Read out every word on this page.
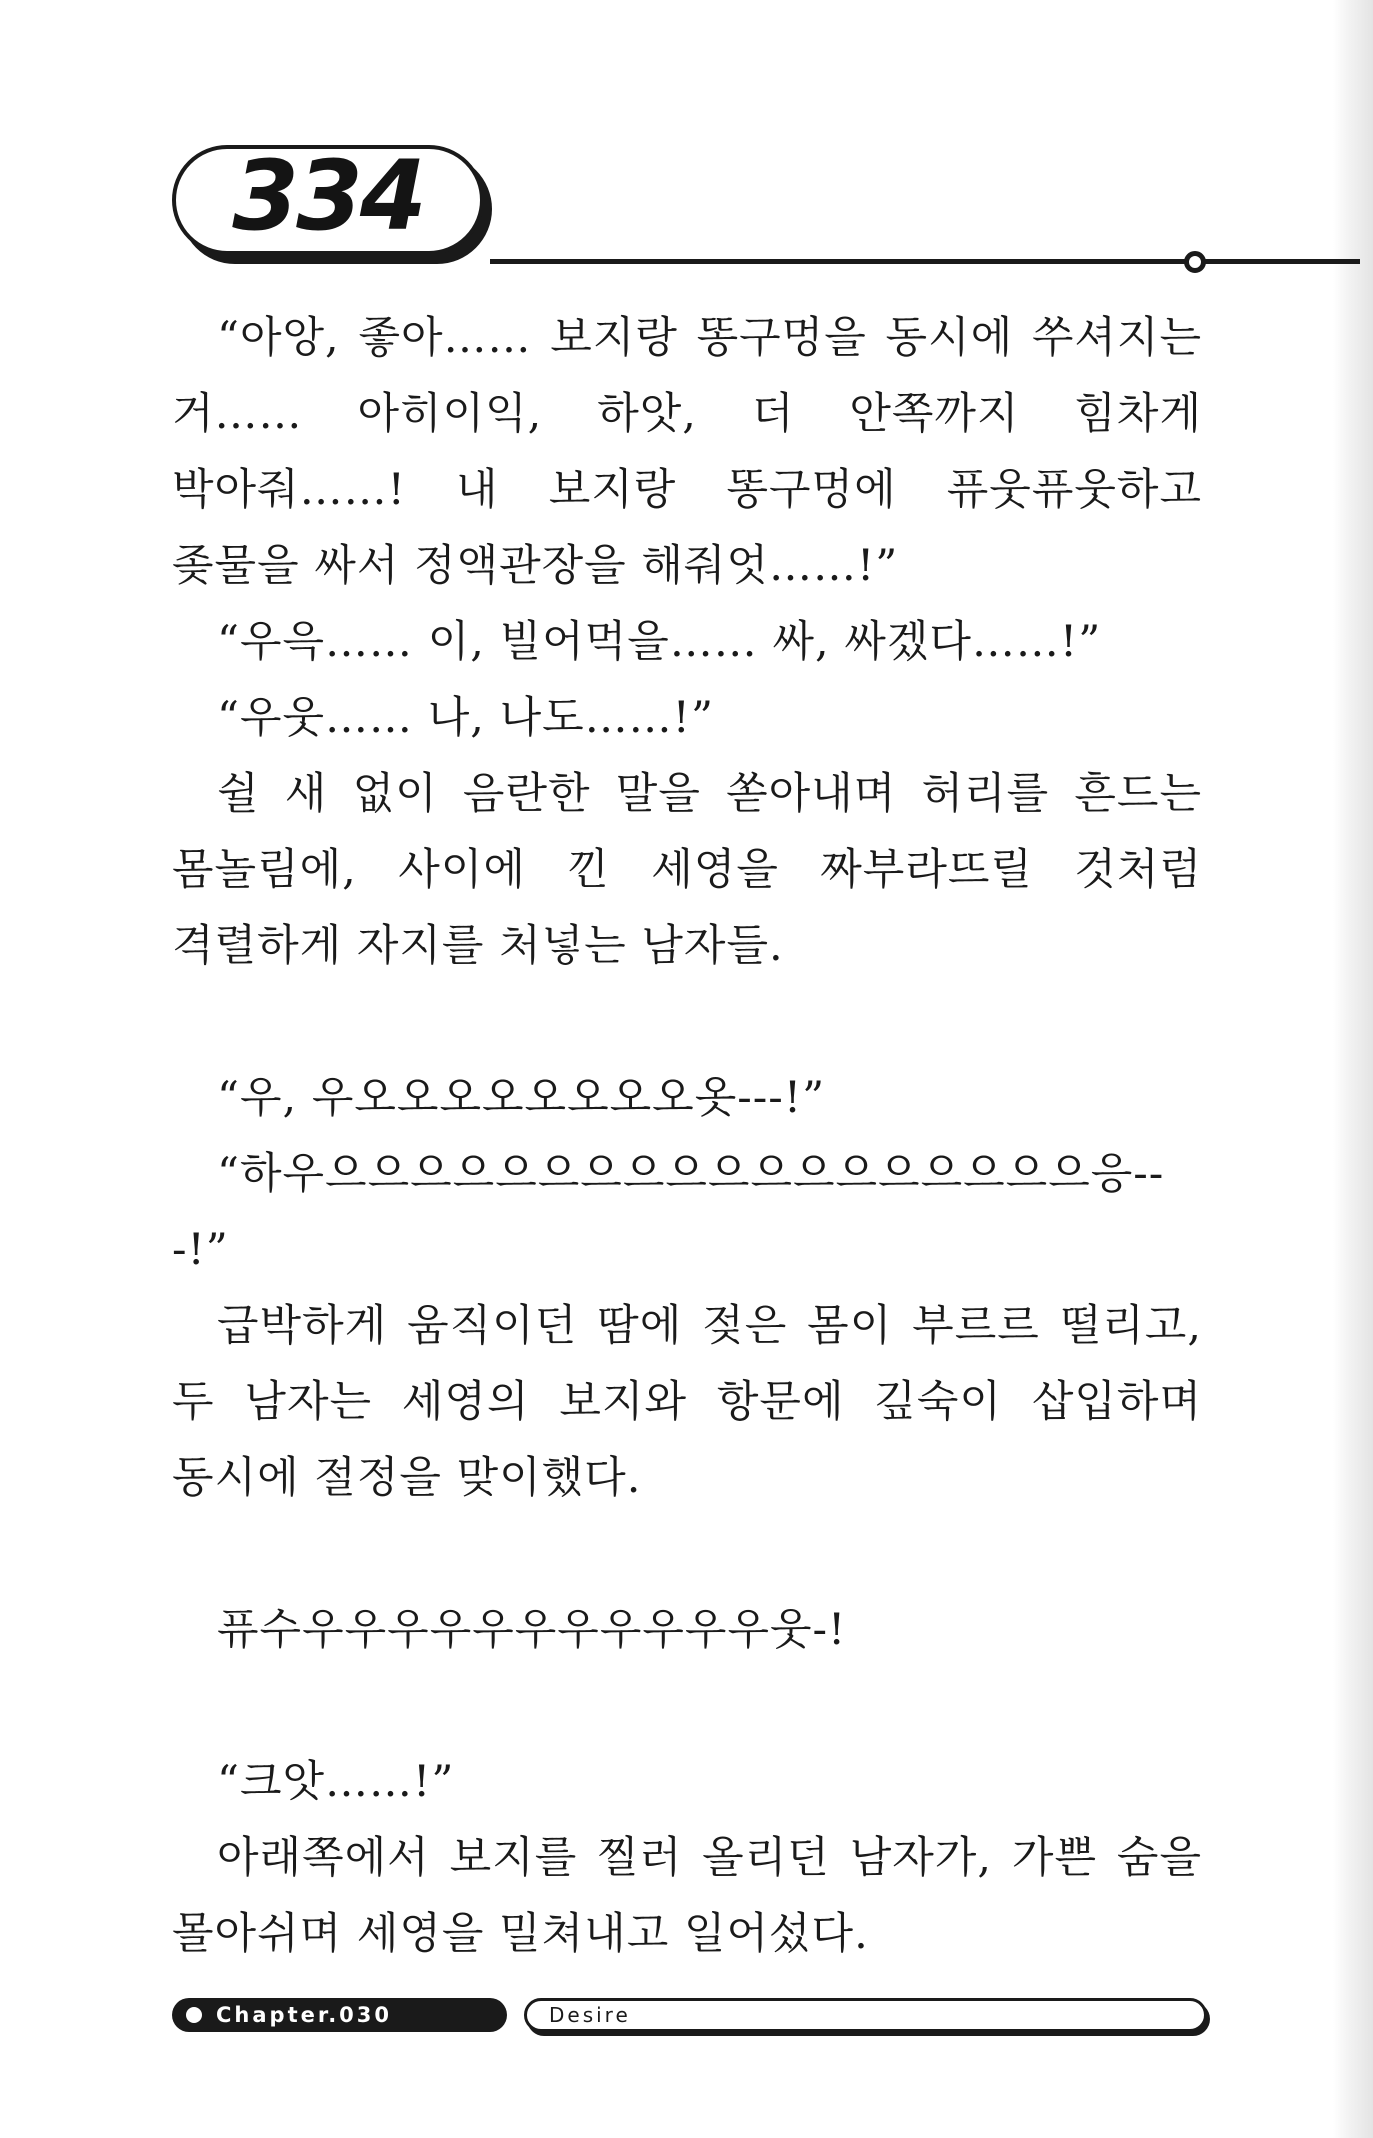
334

“아앙, 좋아…… 보지랑 똥구멍을 동시에 쑤셔지는 거…… 아히이익, 하앗, 더 안쪽까지 힘차게 박아줘……! 내 보지랑 똥구멍에 퓨웃퓨웃하고 좆물을 싸서 정액관장을 해줘엇……!”

“우윽…… 이, 빌어먹을…… 싸, 싸겠다……!”

“우웃…… 나, 나도……!”

쉴 새 없이 음란한 말을 쏟아내며 허리를 흔드는 몸놀림에, 사이에 낀 세영을 짜부라뜨릴 것처럼 격렬하게 자지를 처넣는 남자들.

“우, 우오오오오오오오오옷---!”

“하우으으으으으으으으으으으으으으으으으으응---!”

급박하게 움직이던 땀에 젖은 몸이 부르르 떨리고, 두 남자는 세영의 보지와 항문에 깊숙이 삽입하며 동시에 절정을 맞이했다.

퓨수우우우우우우우우우우우웃-!

“크앗……!”

아래쪽에서 보지를 찔러 올리던 남자가, 가쁜 숨을 몰아쉬며 세영을 밀쳐내고 일어섰다.

Chapter.030	Desire
